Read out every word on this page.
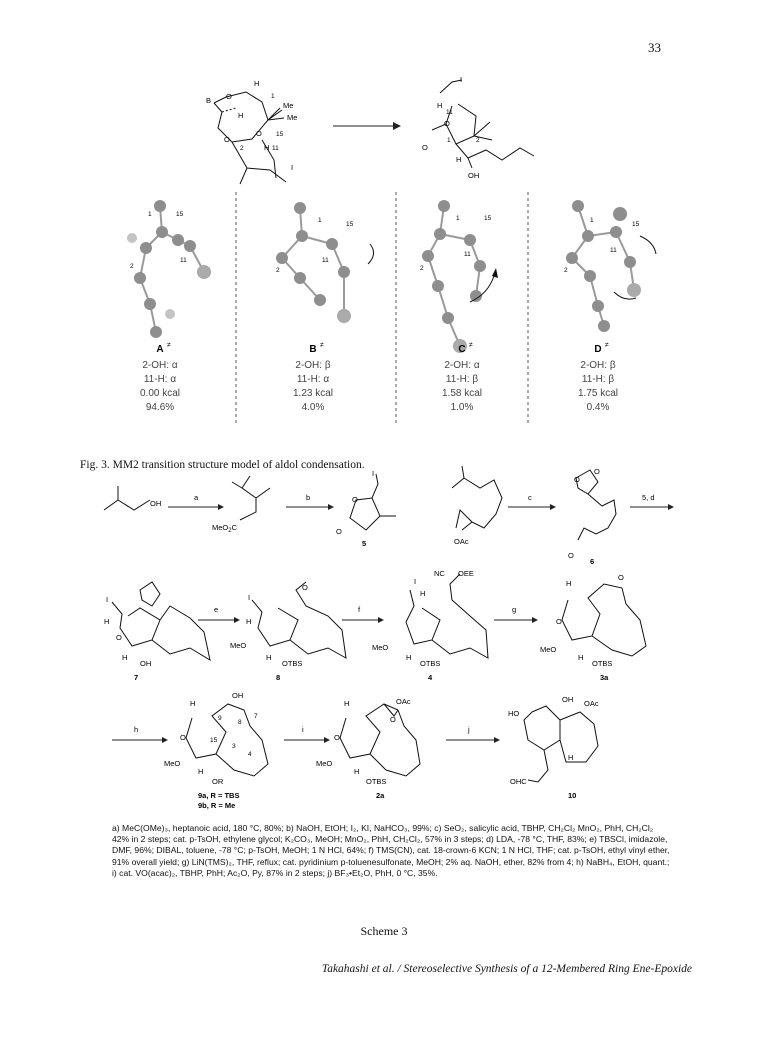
33
B O
H
1
Me
Me
H
O
2
O 15
H 11
I
I
H
11
O
1
O
H
2
OH
1	15
11
2
1
15
11
2
1	15
11
2
1
15
11
2
A ≠
2-OH: α
11-H: α
0.00 kcal
94.6%
B ≠
2-OH: β
11-H: α
1.23 kcal
4.0%
C ≠
2-OH: α
11-H: β
1.58 kcal
1.0%
D ≠
2-OH: β
11-H: β
1.75 kcal
0.4%
OH
a
MeO$_2$C
b
I
O
O
5	OAc
c
O
O
O
6
5, d
I
H
O
H
OH
7
e
I
H
O
MeO
H
OTBS
8
f
I
NC OEE
H
MeO
H
OTBS
4
g
H
O
O
MeO
H
OTBS
3a
h
H
OH
O
MeO
H
OR
9
8
7
15
3
4
9a, R = TBS
9b, R = Me
i
H	OAc
O
O
MeO
H
OTBS
2a
j
HO
OH OAc
H
OHC
10
Fig. 3. MM2 transition structure model of aldol condensation.
a) MeC(OMe)₃, heptanoic acid, 180 °C, 80%; b) NaOH, EtOH; I₂, KI, NaHCO₃, 99%; c) SeO₂, salicylic acid, TBHP, CH₂Cl₂ MnO₂, PhH, CH₂Cl₂ 42% in 2 steps; cat. p-TsOH, ethylene glycol; K₂CO₃, MeOH; MnO₂, PhH, CH₂Cl₂, 57% in 3 steps; d) LDA, -78 °C, THF, 83%; e) TBSCl, imidazole, DMF, 96%; DIBAL, toluene, -78 °C; p-TsOH, MeOH; 1 N HCl, 64%; f) TMS(CN), cat. 18-crown-6 KCN; 1 N HCl, THF; cat. p-TsOH, ethyl vinyl ether, 91% overall yield; g) LiN(TMS)₂, THF, reflux; cat. pyridinium p-toluenesulfonate, MeOH; 2% aq. NaOH, ether, 82% from 4; h) NaBH₄, EtOH, quant.; i) cat. VO(acac)₂, TBHP, PhH; Ac₂O, Py, 87% in 2 steps; j) BF₃•Et₂O, PhH, 0 °C, 35%.
Scheme 3
Takahashi et al. / Stereoselective Synthesis of a 12-Membered Ring Ene-Epoxide
